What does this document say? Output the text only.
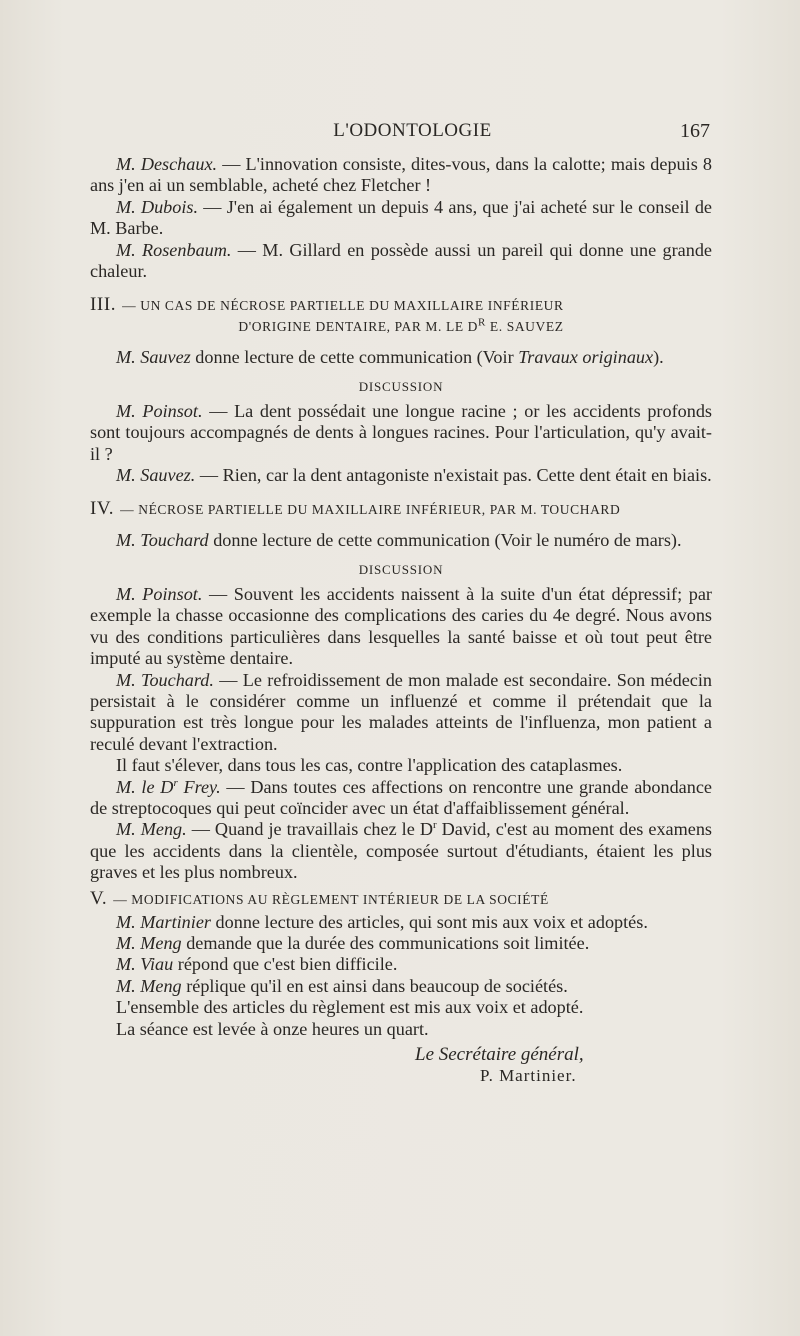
L'ODONTOLOGIE	167

M. Deschaux. — L'innovation consiste, dites-vous, dans la calotte; mais depuis 8 ans j'en ai un semblable, acheté chez Fletcher !

M. Dubois. — J'en ai également un depuis 4 ans, que j'ai acheté sur le conseil de M. Barbe.

M. Rosenbaum. — M. Gillard en possède aussi un pareil qui donne une grande chaleur.

III. — UN CAS DE NÉCROSE PARTIELLE DU MAXILLAIRE INFÉRIEUR
D'ORIGINE DENTAIRE, PAR M. LE $D^R$ E. SAUVEZ

M. Sauvez donne lecture de cette communication (Voir Travaux originaux).

DISCUSSION

M. Poinsot. — La dent possédait une longue racine ; or les accidents profonds sont toujours accompagnés de dents à longues racines. Pour l'articulation, qu'y avait-il ?

M. Sauvez. — Rien, car la dent antagoniste n'existait pas. Cette dent était en biais.

IV. — NÉCROSE PARTIELLE DU MAXILLAIRE INFÉRIEUR, PAR M. TOUCHARD

M. Touchard donne lecture de cette communication (Voir le numéro de mars).

DISCUSSION

M. Poinsot. — Souvent les accidents naissent à la suite d'un état dépressif; par exemple la chasse occasionne des complications des caries du 4e degré. Nous avons vu des conditions particulières dans lesquelles la santé baisse et où tout peut être imputé au système dentaire.

M. Touchard. — Le refroidissement de mon malade est secondaire. Son médecin persistait à le considérer comme un influenzé et comme il prétendait que la suppuration est très longue pour les malades atteints de l'influenza, mon patient a reculé devant l'extraction.

Il faut s'élever, dans tous les cas, contre l'application des cataplasmes.

M. le $D^r$ Frey. — Dans toutes ces affections on rencontre une grande abondance de streptocoques qui peut coïncider avec un état d'affaiblissement général.

M. Meng. — Quand je travaillais chez le $D^r$ David, c'est au moment des examens que les accidents dans la clientèle, composée surtout d'étudiants, étaient les plus graves et les plus nombreux.

V. — MODIFICATIONS AU RÈGLEMENT INTÉRIEUR DE LA SOCIÉTÉ

M. Martinier donne lecture des articles, qui sont mis aux voix et adoptés.

M. Meng demande que la durée des communications soit limitée.

M. Viau répond que c'est bien difficile.

M. Meng réplique qu'il en est ainsi dans beaucoup de sociétés.

L'ensemble des articles du règlement est mis aux voix et adopté.

La séance est levée à onze heures un quart.

Le Secrétaire général,
P. Martinier.
